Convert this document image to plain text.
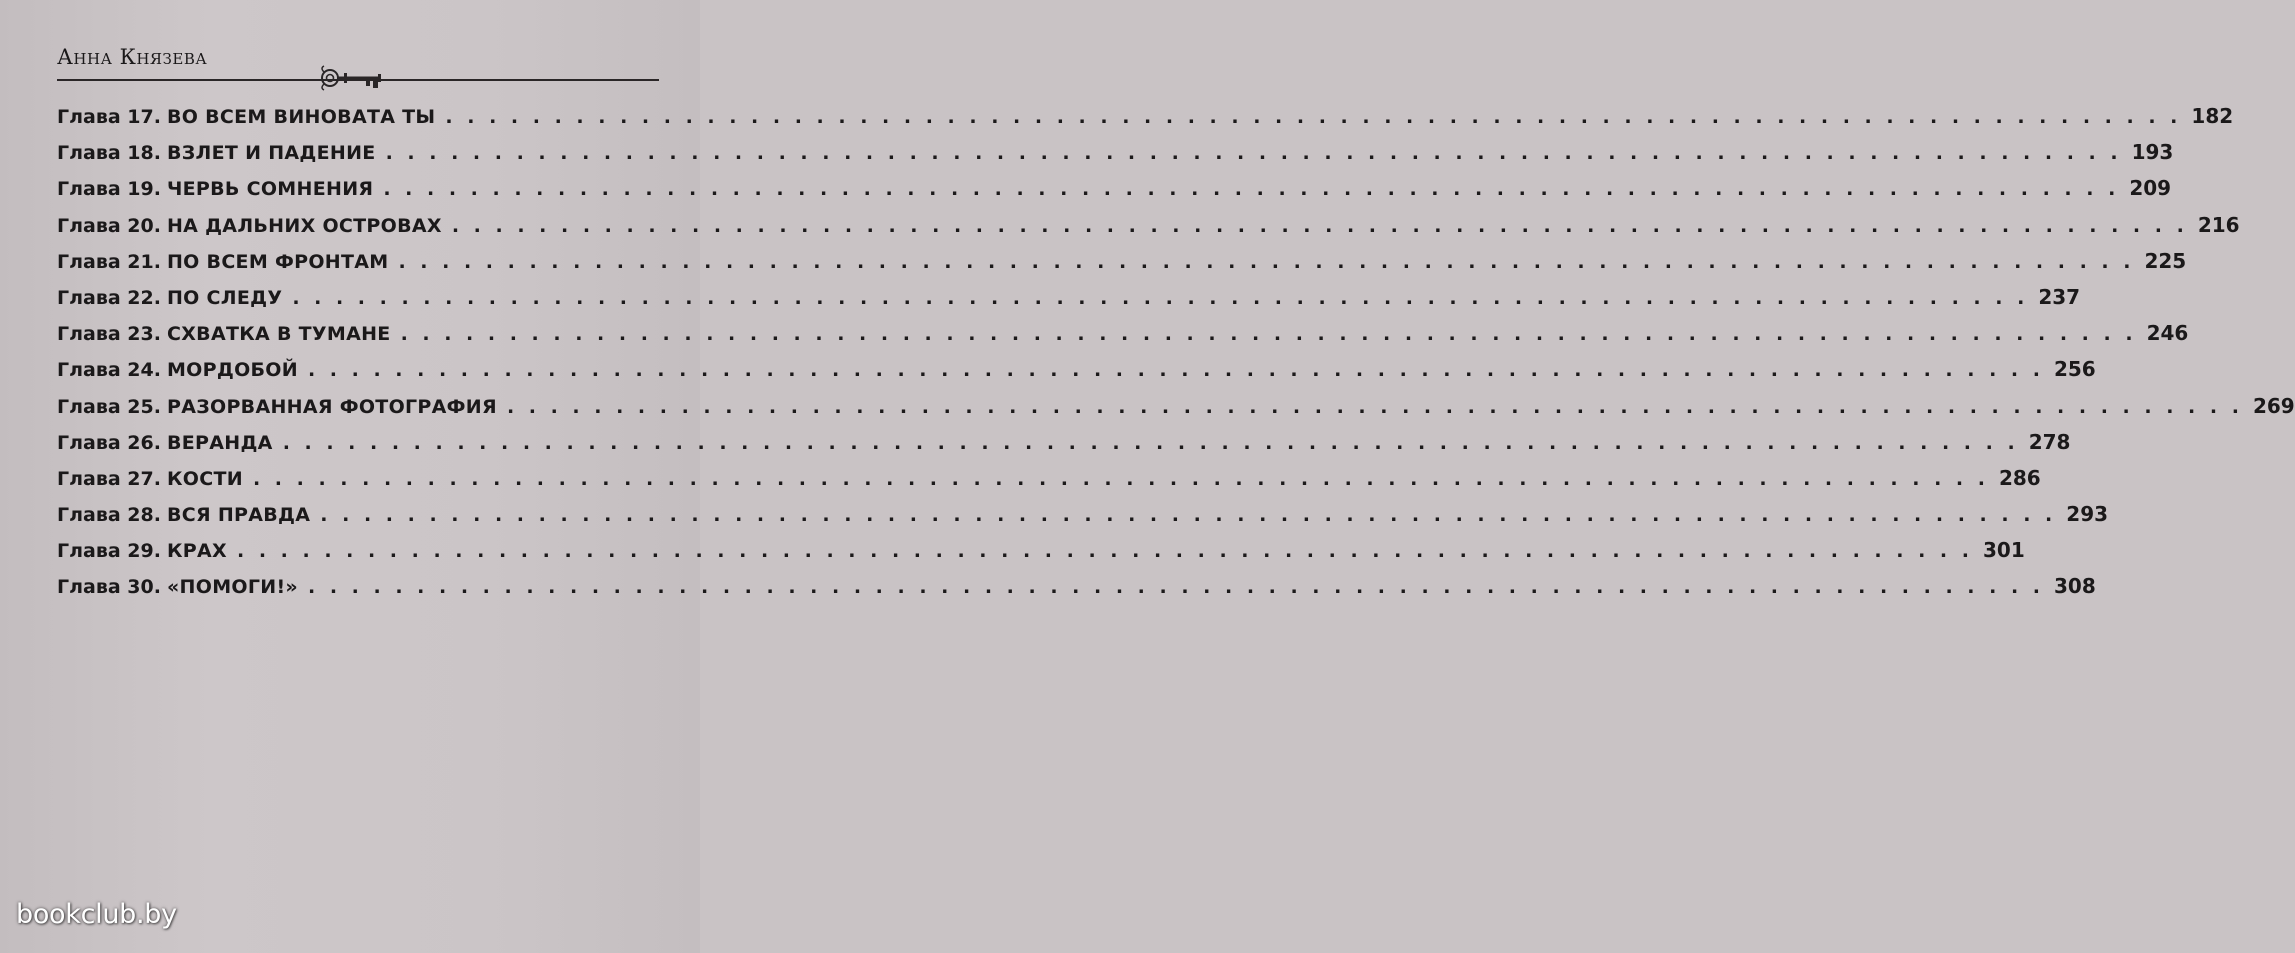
Анна Князева
Глава 17. ВО ВСЕМ ВИНОВАТА ТЫ . . . . . . . . . . . . . . . . . . . . . . . . . . . . . . . . . . . . . . . . . . . . . . . . . . . . . . . . . . . . . . . . . . . . . . . . . . . . . . . . 182
Глава 18. ВЗЛЕТ И ПАДЕНИЕ . . . . . . . . . . . . . . . . . . . . . . . . . . . . . . . . . . . . . . . . . . . . . . . . . . . . . . . . . . . . . . . . . . . . . . . . . . . . . . . . 193
Глава 19. ЧЕРВЬ СОМНЕНИЯ . . . . . . . . . . . . . . . . . . . . . . . . . . . . . . . . . . . . . . . . . . . . . . . . . . . . . . . . . . . . . . . . . . . . . . . . . . . . . . . . 209
Глава 20. НА ДАЛЬНИХ ОСТРОВАХ . . . . . . . . . . . . . . . . . . . . . . . . . . . . . . . . . . . . . . . . . . . . . . . . . . . . . . . . . . . . . . . . . . . . . . . . . . . . . . . . 216
Глава 21. ПО ВСЕМ ФРОНТАМ . . . . . . . . . . . . . . . . . . . . . . . . . . . . . . . . . . . . . . . . . . . . . . . . . . . . . . . . . . . . . . . . . . . . . . . . . . . . . . . . 225
Глава 22. ПО СЛЕДУ . . . . . . . . . . . . . . . . . . . . . . . . . . . . . . . . . . . . . . . . . . . . . . . . . . . . . . . . . . . . . . . . . . . . . . . . . . . . . . . . 237
Глава 23. СХВАТКА В ТУМАНЕ . . . . . . . . . . . . . . . . . . . . . . . . . . . . . . . . . . . . . . . . . . . . . . . . . . . . . . . . . . . . . . . . . . . . . . . . . . . . . . . . 246
Глава 24. МОРДОБОЙ . . . . . . . . . . . . . . . . . . . . . . . . . . . . . . . . . . . . . . . . . . . . . . . . . . . . . . . . . . . . . . . . . . . . . . . . . . . . . . . . 256
Глава 25. РАЗОРВАННАЯ ФОТОГРАФИЯ . . . . . . . . . . . . . . . . . . . . . . . . . . . . . . . . . . . . . . . . . . . . . . . . . . . . . . . . . . . . . . . . . . . . . . . . . . . . . . . . 269
Глава 26. ВЕРАНДА . . . . . . . . . . . . . . . . . . . . . . . . . . . . . . . . . . . . . . . . . . . . . . . . . . . . . . . . . . . . . . . . . . . . . . . . . . . . . . . . 278
Глава 27. КОСТИ . . . . . . . . . . . . . . . . . . . . . . . . . . . . . . . . . . . . . . . . . . . . . . . . . . . . . . . . . . . . . . . . . . . . . . . . . . . . . . . . 286
Глава 28. ВСЯ ПРАВДА . . . . . . . . . . . . . . . . . . . . . . . . . . . . . . . . . . . . . . . . . . . . . . . . . . . . . . . . . . . . . . . . . . . . . . . . . . . . . . . . 293
Глава 29. КРАХ . . . . . . . . . . . . . . . . . . . . . . . . . . . . . . . . . . . . . . . . . . . . . . . . . . . . . . . . . . . . . . . . . . . . . . . . . . . . . . . . 301
Глава 30. «ПОМОГИ!» . . . . . . . . . . . . . . . . . . . . . . . . . . . . . . . . . . . . . . . . . . . . . . . . . . . . . . . . . . . . . . . . . . . . . . . . . . . . . . . . 308
bookclub.by
